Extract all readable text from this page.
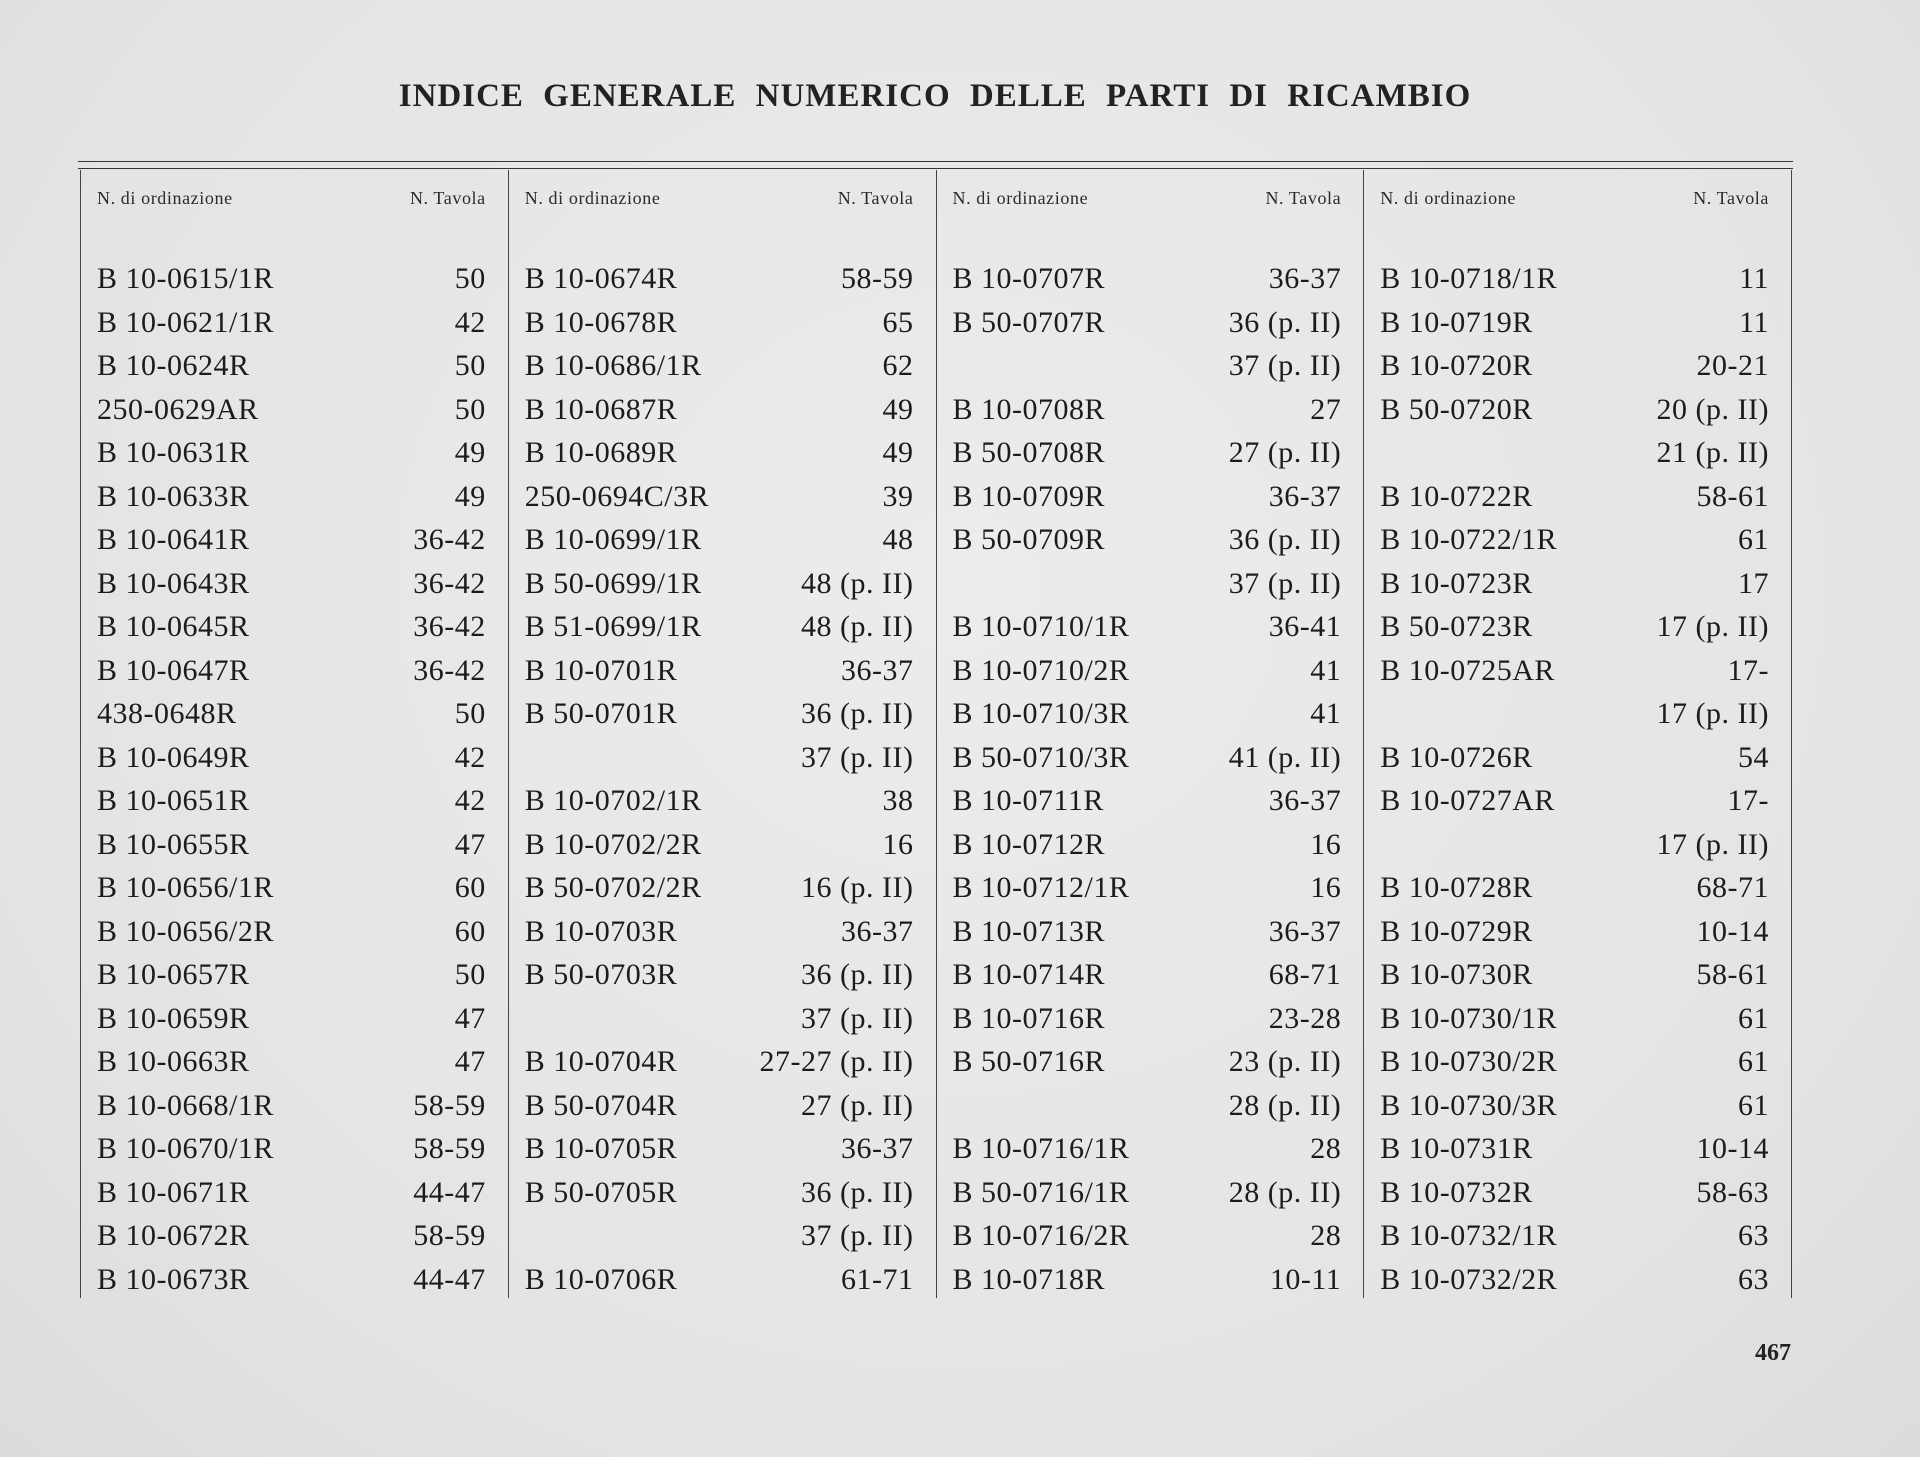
INDICE GENERALE NUMERICO DELLE PARTI DI RICAMBIO
N. di ordinazione	N. Tavola
B 10-0615/1R	50
B 10-0621/1R	42
B 10-0624R	50
250-0629AR	50
B 10-0631R	49
B 10-0633R	49
B 10-0641R	36-42
B 10-0643R	36-42
B 10-0645R	36-42
B 10-0647R	36-42
438-0648R	50
B 10-0649R	42
B 10-0651R	42
B 10-0655R	47
B 10-0656/1R	60
B 10-0656/2R	60
B 10-0657R	50
B 10-0659R	47
B 10-0663R	47
B 10-0668/1R	58-59
B 10-0670/1R	58-59
B 10-0671R	44-47
B 10-0672R	58-59
B 10-0673R	44-47
N. di ordinazione	N. Tavola
B 10-0674R	58-59
B 10-0678R	65
B 10-0686/1R	62
B 10-0687R	49
B 10-0689R	49
250-0694C/3R	39
B 10-0699/1R	48
B 50-0699/1R	48 (p. II)
B 51-0699/1R	48 (p. II)
B 10-0701R	36-37
B 50-0701R	36 (p. II)
37 (p. II)
B 10-0702/1R	38
B 10-0702/2R	16
B 50-0702/2R	16 (p. II)
B 10-0703R	36-37
B 50-0703R	36 (p. II)
37 (p. II)
B 10-0704R	27-27 (p. II)
B 50-0704R	27 (p. II)
B 10-0705R	36-37
B 50-0705R	36 (p. II)
37 (p. II)
B 10-0706R	61-71
N. di ordinazione	N. Tavola
B 10-0707R	36-37
B 50-0707R	36 (p. II)
37 (p. II)
B 10-0708R	27
B 50-0708R	27 (p. II)
B 10-0709R	36-37
B 50-0709R	36 (p. II)
37 (p. II)
B 10-0710/1R	36-41
B 10-0710/2R	41
B 10-0710/3R	41
B 50-0710/3R	41 (p. II)
B 10-0711R	36-37
B 10-0712R	16
B 10-0712/1R	16
B 10-0713R	36-37
B 10-0714R	68-71
B 10-0716R	23-28
B 50-0716R	23 (p. II)
28 (p. II)
B 10-0716/1R	28
B 50-0716/1R	28 (p. II)
B 10-0716/2R	28
B 10-0718R	10-11
N. di ordinazione	N. Tavola
B 10-0718/1R	11
B 10-0719R	11
B 10-0720R	20-21
B 50-0720R	20 (p. II)
21 (p. II)
B 10-0722R	58-61
B 10-0722/1R	61
B 10-0723R	17
B 50-0723R	17 (p. II)
B 10-0725AR	17-
17 (p. II)
B 10-0726R	54
B 10-0727AR	17-
17 (p. II)
B 10-0728R	68-71
B 10-0729R	10-14
B 10-0730R	58-61
B 10-0730/1R	61
B 10-0730/2R	61
B 10-0730/3R	61
B 10-0731R	10-14
B 10-0732R	58-63
B 10-0732/1R	63
B 10-0732/2R	63
467
